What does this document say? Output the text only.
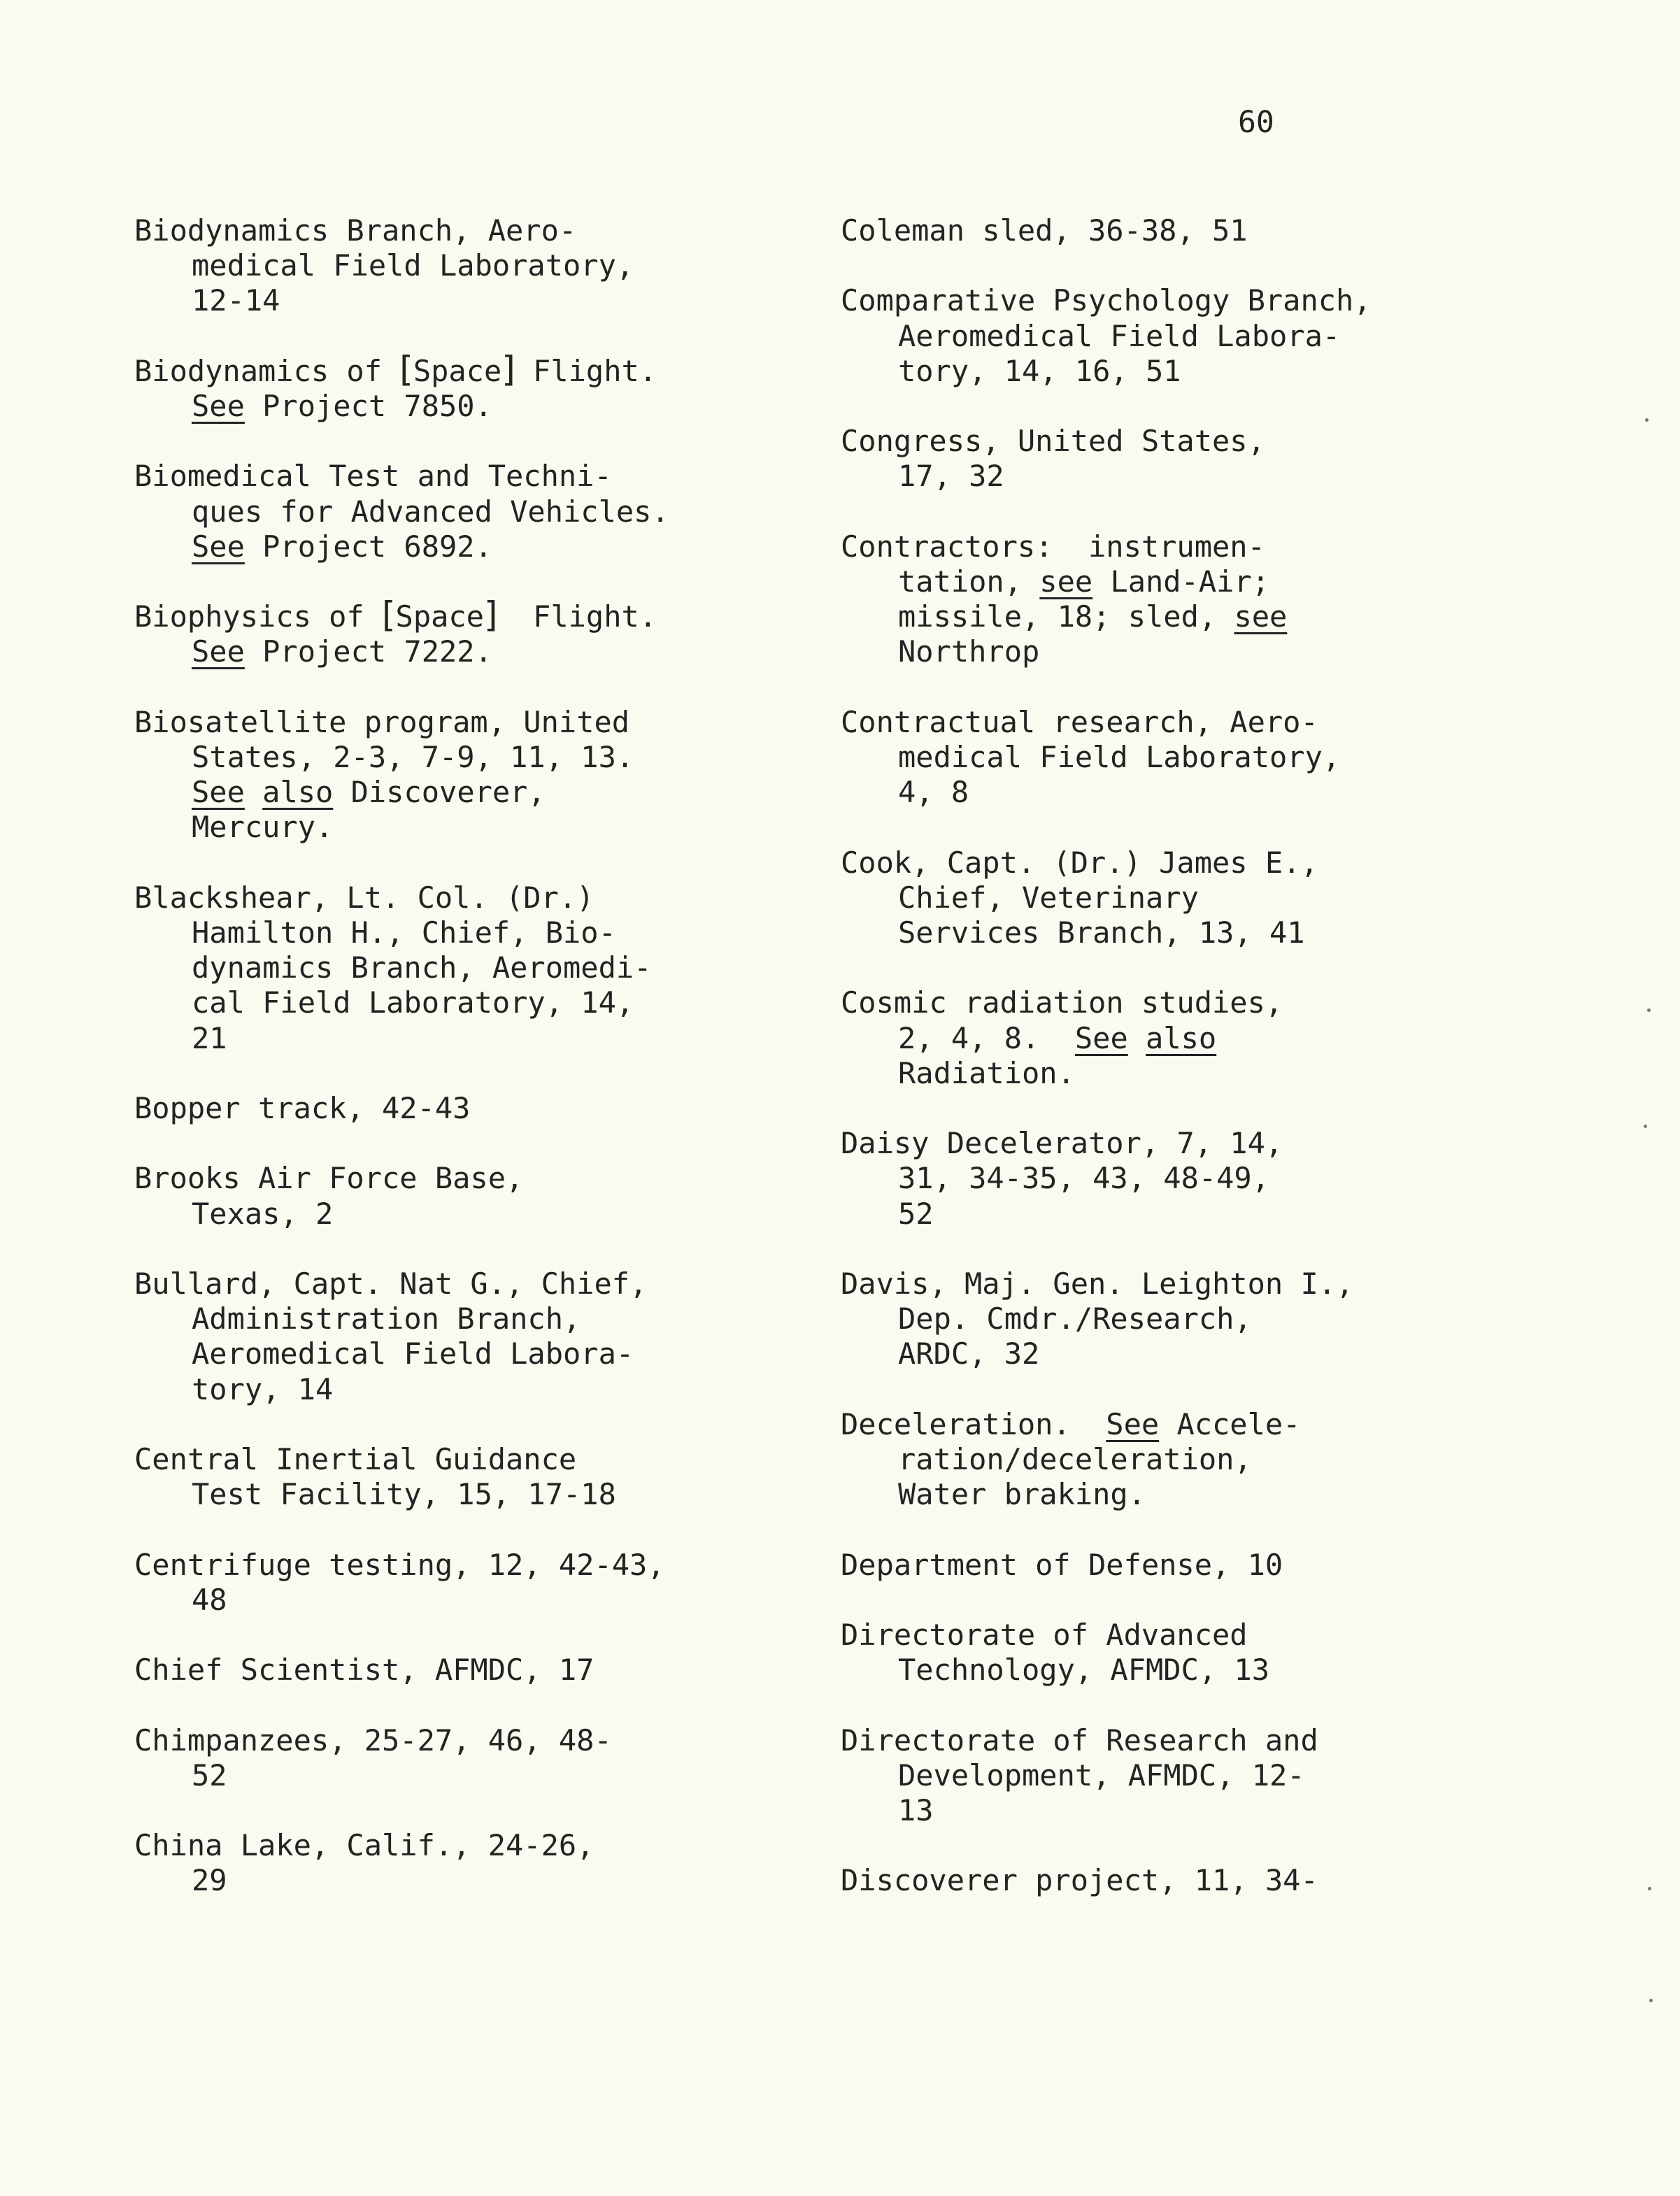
60
Biodynamics Branch, Aero-
medical Field Laboratory,
12-14
Biodynamics of [Space] Flight.
See Project 7850.
Biomedical Test and Techni-
ques for Advanced Vehicles.
See Project 6892.
Biophysics of [Space]  Flight.
See Project 7222.
Biosatellite program, United
States, 2-3, 7-9, 11, 13.
See also Discoverer,
Mercury.
Blackshear, Lt. Col. (Dr.)
Hamilton H., Chief, Bio-
dynamics Branch, Aeromedi-
cal Field Laboratory, 14,
21
Bopper track, 42-43
Brooks Air Force Base,
Texas, 2
Bullard, Capt. Nat G., Chief,
Administration Branch,
Aeromedical Field Labora-
tory, 14
Central Inertial Guidance
Test Facility, 15, 17-18
Centrifuge testing, 12, 42-43,
48
Chief Scientist, AFMDC, 17
Chimpanzees, 25-27, 46, 48-
52
China Lake, Calif., 24-26,
29
Coleman sled, 36-38, 51
Comparative Psychology Branch,
Aeromedical Field Labora-
tory, 14, 16, 51
Congress, United States,
17, 32
Contractors:  instrumen-
tation, see Land-Air;
missile, 18; sled, see
Northrop
Contractual research, Aero-
medical Field Laboratory,
4, 8
Cook, Capt. (Dr.) James E.,
Chief, Veterinary
Services Branch, 13, 41
Cosmic radiation studies,
2, 4, 8.  See also
Radiation.
Daisy Decelerator, 7, 14,
31, 34-35, 43, 48-49,
52
Davis, Maj. Gen. Leighton I.,
Dep. Cmdr./Research,
ARDC, 32
Deceleration.  See Accele-
ration/deceleration,
Water braking.
Department of Defense, 10
Directorate of Advanced
Technology, AFMDC, 13
Directorate of Research and
Development, AFMDC, 12-
13
Discoverer project, 11, 34-
